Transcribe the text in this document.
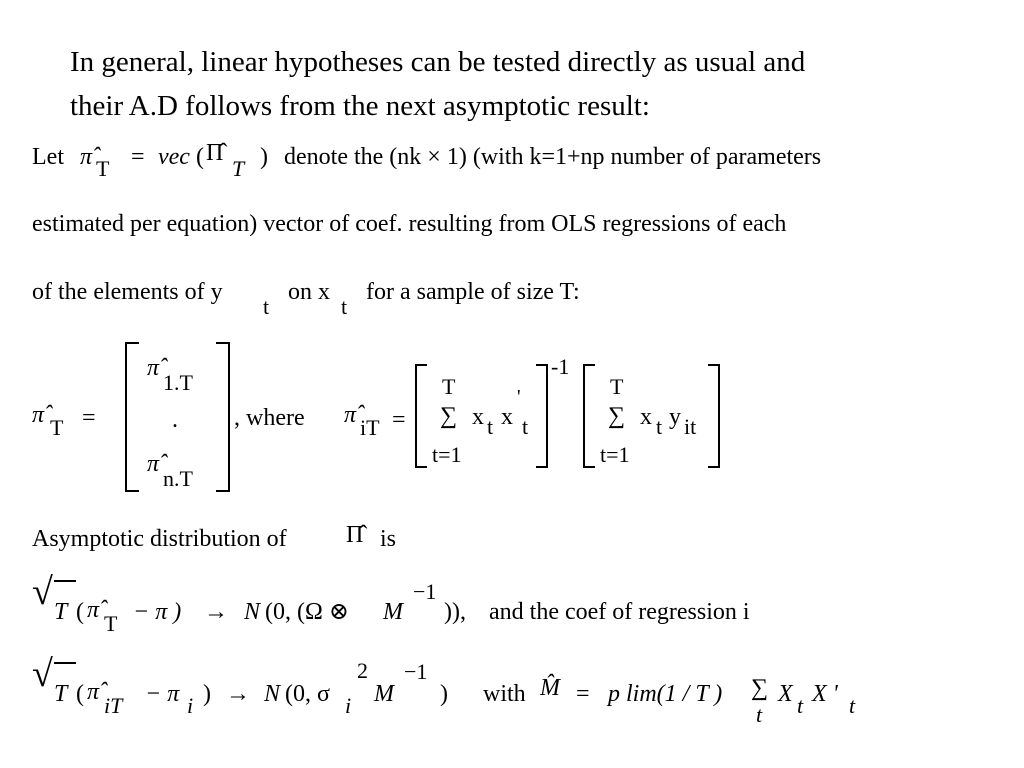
In general, linear hypotheses can be tested directly as usual and
their A.D follows from the next asymptotic result:
Let π̂ T = vec ( Π̂
T ) denote the (nk × 1) (with k=1+np number of parameters
estimated per equation) vector of coef. resulting from OLS regressions of each
of the elements of y
t
on x
t
for a sample of size T:
π̂ T =
π̂
1.T
.
π̂
n.T
, where π̂ iT =
T
∑ x t x
'
t
t=1
-1
T
∑ x t y it
t=1
Asymptotic distribution of Π̂ is
√ T ( π̂
T − π ) → N (0, (Ω ⊗ M
−1
)), and the coef of regression i
√ T ( π̂
iT − π i ) → N (0, σ i
2
M
−1
) with M̂ = p lim(1 / T ) ∑
t
X t X ' t
